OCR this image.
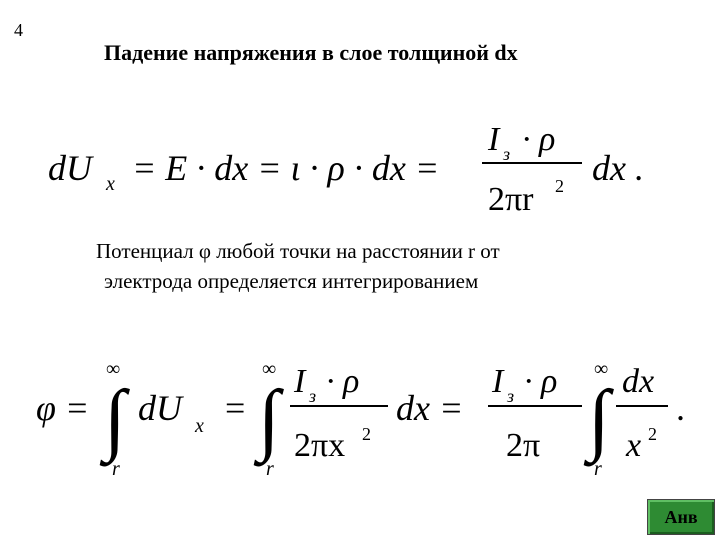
4
Падение напряжения в слое толщиной dx
dU x = E · dx = ι · ρ · dx =
I з · ρ
2πr 2 dx .
φ =
∞
∫
r
dU x =
∞
∫
r
I з · ρ
2πx 2
dx =
I з · ρ
2π
∞
∫
r
dx
x 2
.
Потенциал φ любой точки на расстоянии r от
электрода определяется интегрированием
Анв
